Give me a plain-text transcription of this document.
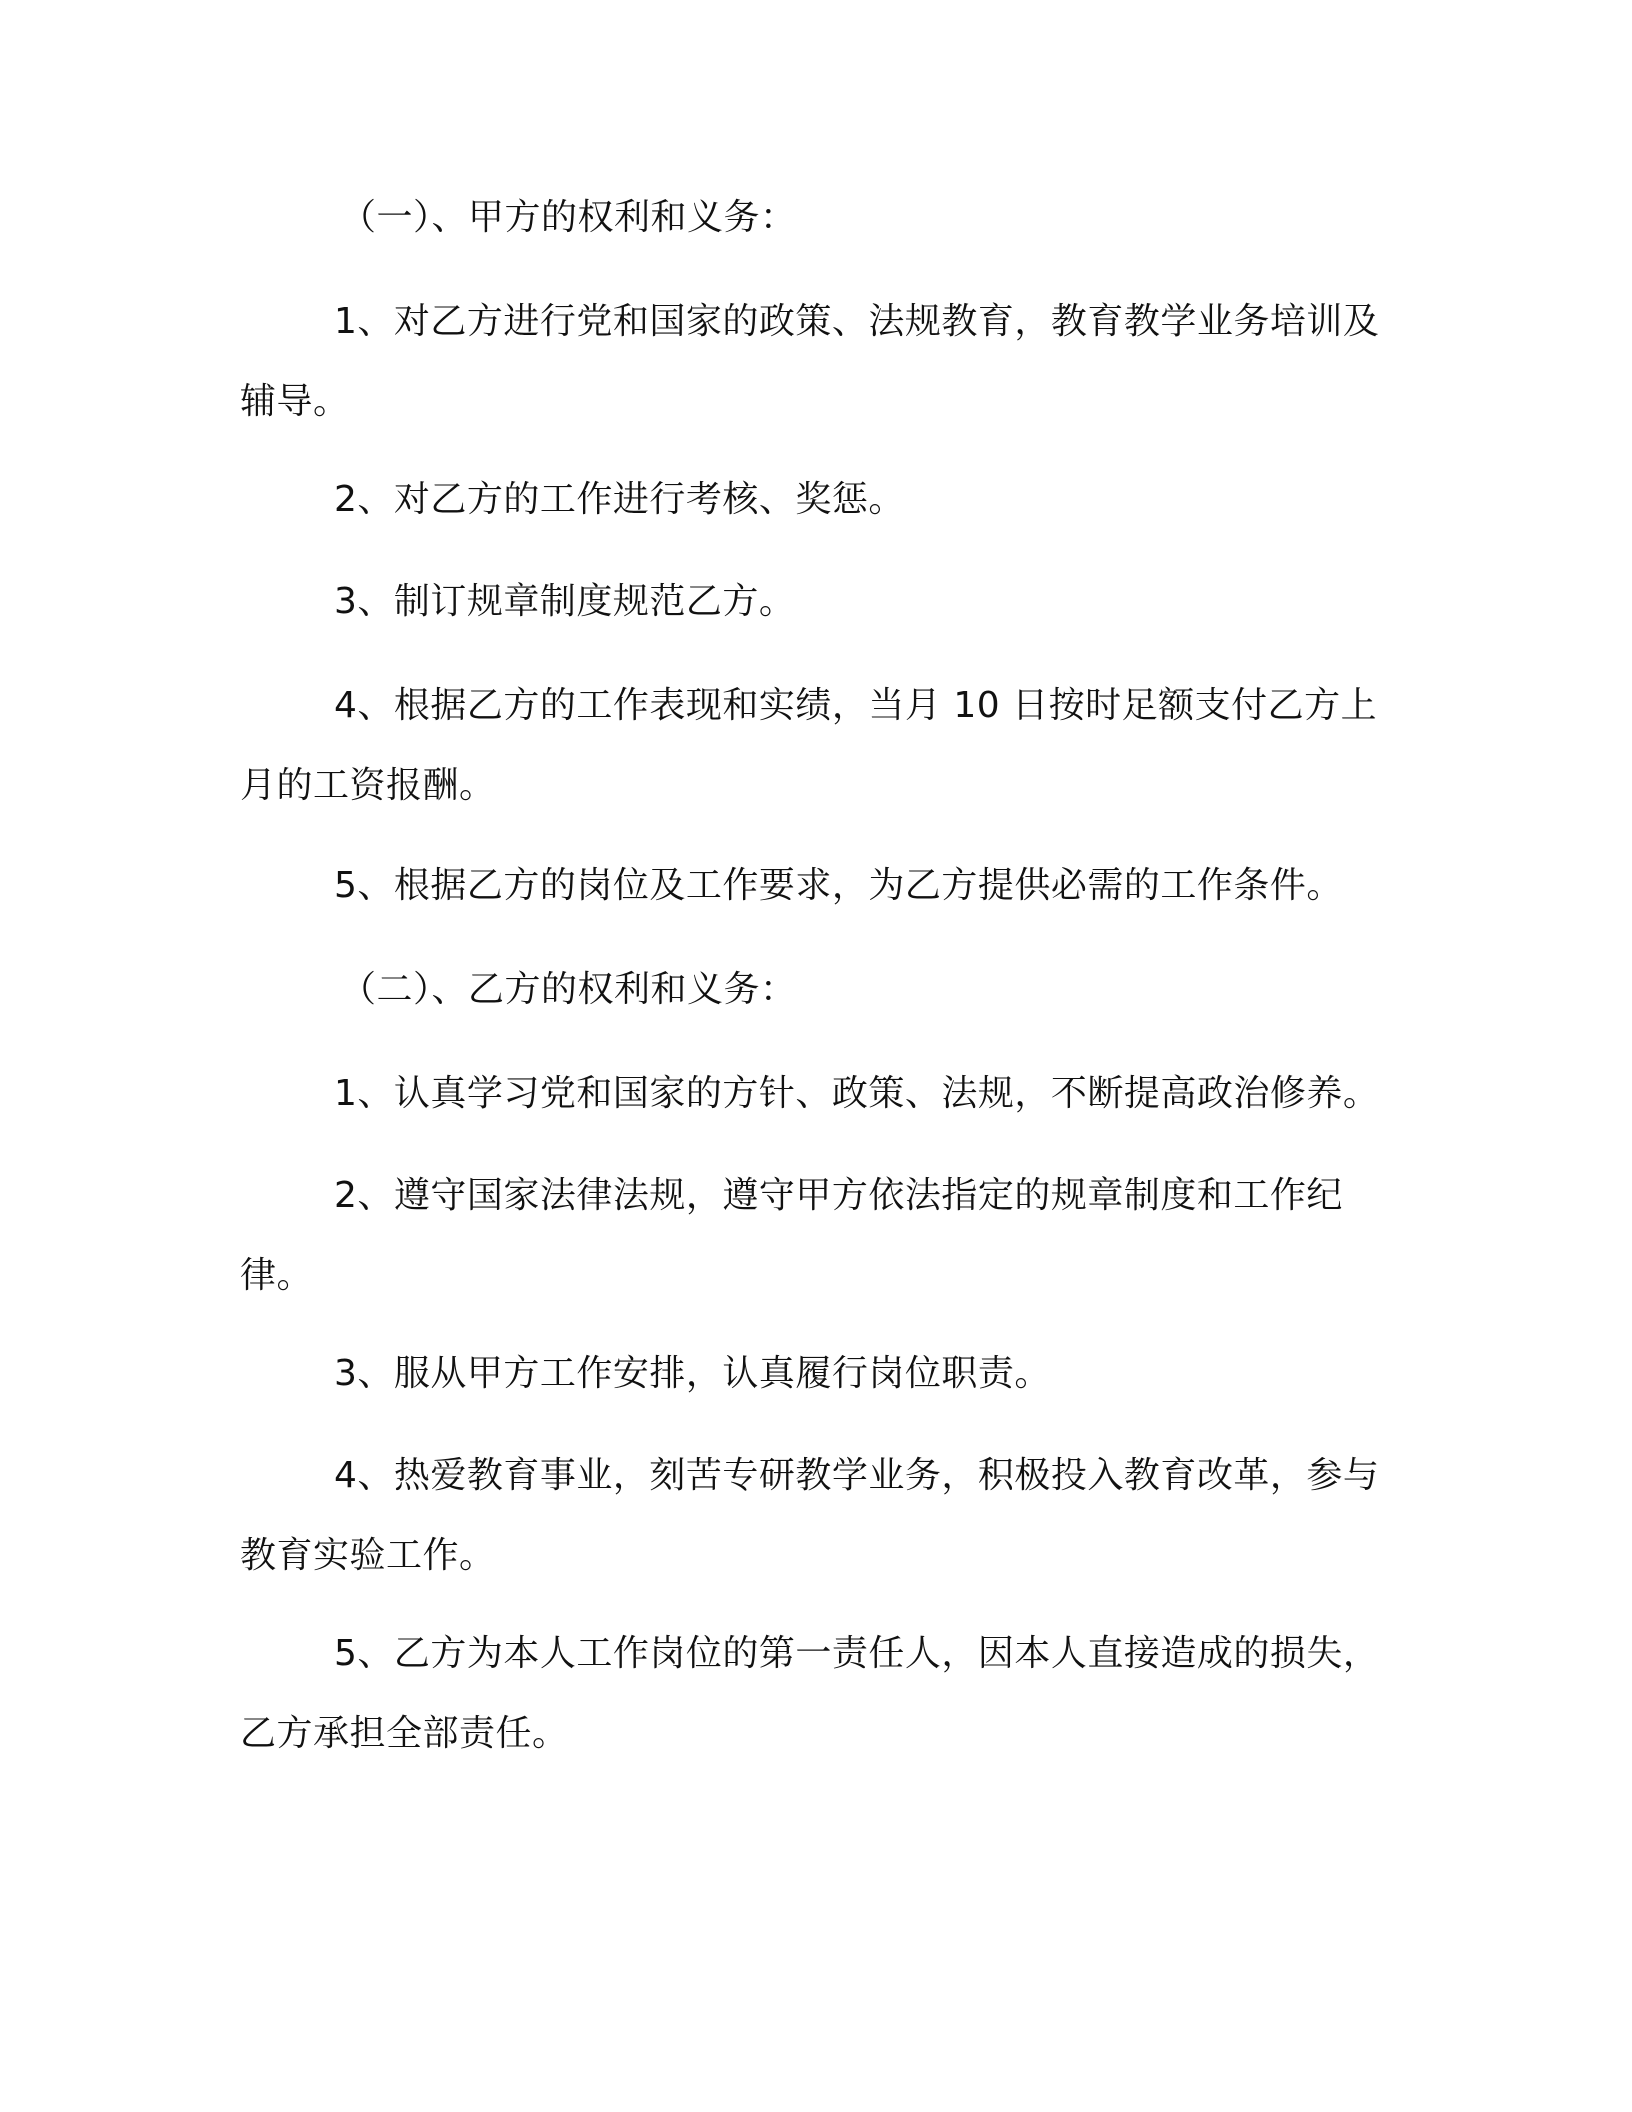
（一）、甲方的权利和义务：

1、对乙方进行党和国家的政策、法规教育，教育教学业务培训及辅导。

2、对乙方的工作进行考核、奖惩。

3、制订规章制度规范乙方。

4、根据乙方的工作表现和实绩，当月 10 日按时足额支付乙方上月的工资报酬。

5、根据乙方的岗位及工作要求，为乙方提供必需的工作条件。

（二）、乙方的权利和义务：

1、认真学习党和国家的方针、政策、法规，不断提高政治修养。

2、遵守国家法律法规，遵守甲方依法指定的规章制度和工作纪律。

3、服从甲方工作安排，认真履行岗位职责。

4、热爱教育事业，刻苦专研教学业务，积极投入教育改革，参与教育实验工作。

5、乙方为本人工作岗位的第一责任人，因本人直接造成的损失，乙方承担全部责任。
